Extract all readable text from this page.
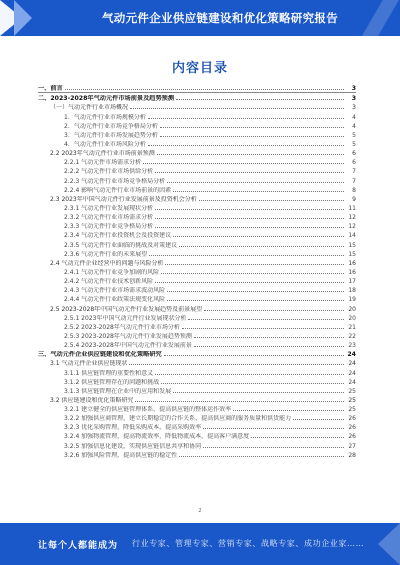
气动元件企业供应链建设和优化策略研究报告
内容目录
一、前言	3
二、2023-2028年气动元件市场前景及趋势预测	3
（一）气动元件行业市场概况	3
1．气动元件行业市场规模分析	4
2．气动元件行业市场竞争格局分析	4
3．气动元件行业市场发展趋势分析	5
4．气动元件行业市场风险分析	5
2.2 2023年气动元件行业市场前景预测	6
2.2.1 气动元件市场需求分析	6
2.2.2 气动元件行业市场供给分析	7
2.2.3 气动元件行业市场竞争格局分析	7
2.2.4 影响气动元件行业市场前景的因素	8
2.3 2023年中国气动元件行业发展前景及投资机会分析	9
2.3.1 气动元件行业发展现状分析	11
2.3.2 气动元件行业市场需求分析	12
2.3.3 气动元件行业竞争格局分析	12
2.3.4 气动元件行业投资机会及投资建议	14
2.3.5 气动元件行业面临的挑战及对策建议	15
2.3.6 气动元件行业的未来展望	15
2.4 气动元件企业经营中的问题与风险分析	16
2.4.1 气动元件行业竞争加剧的风险	16
2.4.2 气动元件行业技术创新风险	17
2.4.3 气动元件行业市场需求波动风险	18
2.4.4 气动元件行业政策法规变化风险	19
2.5 2023-2028年中国气动元件行业发展趋势及前景展望	20
2.5.1 2023年中国气动元件行业发展现状分析	20
2.5.2 2023-2028年气动元件行业市场分析	21
2.5.3 2023-2028年气动元件行业发展趋势预测	22
2.5.4 2023-2028年中国气动元件行业发展前景	23
三、气动元件企业供应链建设和优化策略研究	24
3.1 气动元件企业供应链现状	24
3.1.1 供应链管理的重要性和意义	24
3.1.2 供应链管理存在的问题和挑战	24
3.1.3 供应链管理在企业中的应用和发展	25
3.2 供应链建设和优化策略研究	25
3.2.1 建立健全的供应链管理体系，提高供应链的整体运作效率	25
3.2.2 加强供应商管理，建立长期稳定的合作关系，提高供应商的服务质量和供货能力	26
3.2.3 优化采购管理，降低采购成本，提高采购效率	26
3.2.4 加强物流管理，提高物流效率，降低物流成本，提高客户满意度	26
3.2.5 加强信息化建设，实现供应链信息共享和协同	27
3.2.6 加强风险管理，提高供应链的稳定性	28
2
让每个人都能成为 行业专家、管理专家、营销专家、战略专家、成功企业家……
